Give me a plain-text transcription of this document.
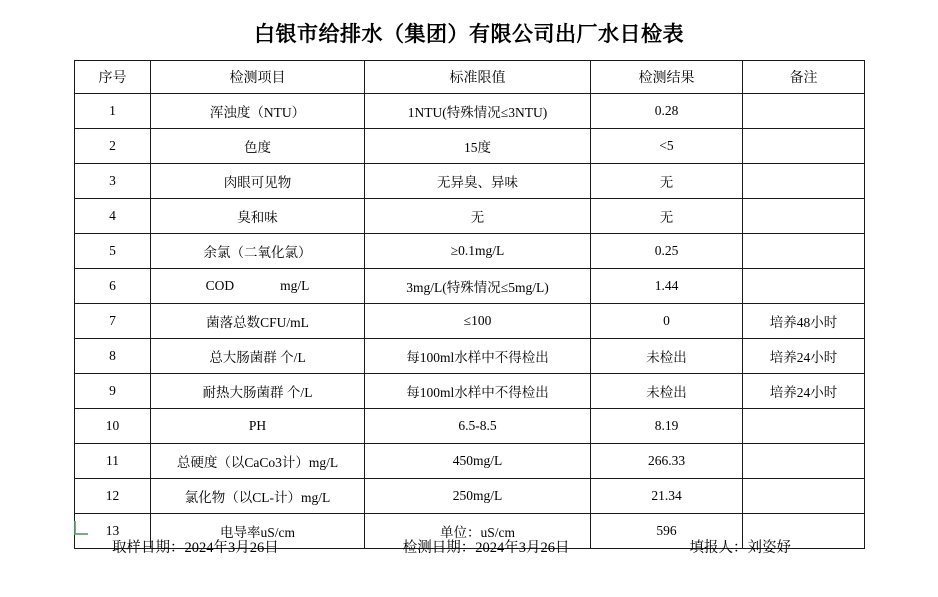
白银市给排水（集团）有限公司出厂水日检表
序号	检测项目	标准限值	检测结果	备注
1	浑浊度（NTU）	1NTU(特殊情况≤3NTU)	0.28	
2	色度	15度	<5	
3	肉眼可见物	无异臭、异味	无	
4	臭和味	无	无	
5	余氯（二氧化氯）	≥0.1mg/L	0.25	
6	COD mg/L	3mg/L(特殊情况≤5mg/L)	1.44	
7	菌落总数CFU/mL	≤100	0	培养48小时
8	总大肠菌群 个/L	每100ml水样中不得检出	未检出	培养24小时
9	耐热大肠菌群 个/L	每100ml水样中不得检出	未检出	培养24小时
10	PH	6.5-8.5	8.19	
11	总硬度（以CaCo3计）mg/L	450mg/L	266.33	
12	氯化物（以CL-计）mg/L	250mg/L	21.34	
13	电导率uS/cm	单位：uS/cm	596	
取样日期：2024年3月26日	检测日期：2024年3月26日	填报人：刘姿妤
